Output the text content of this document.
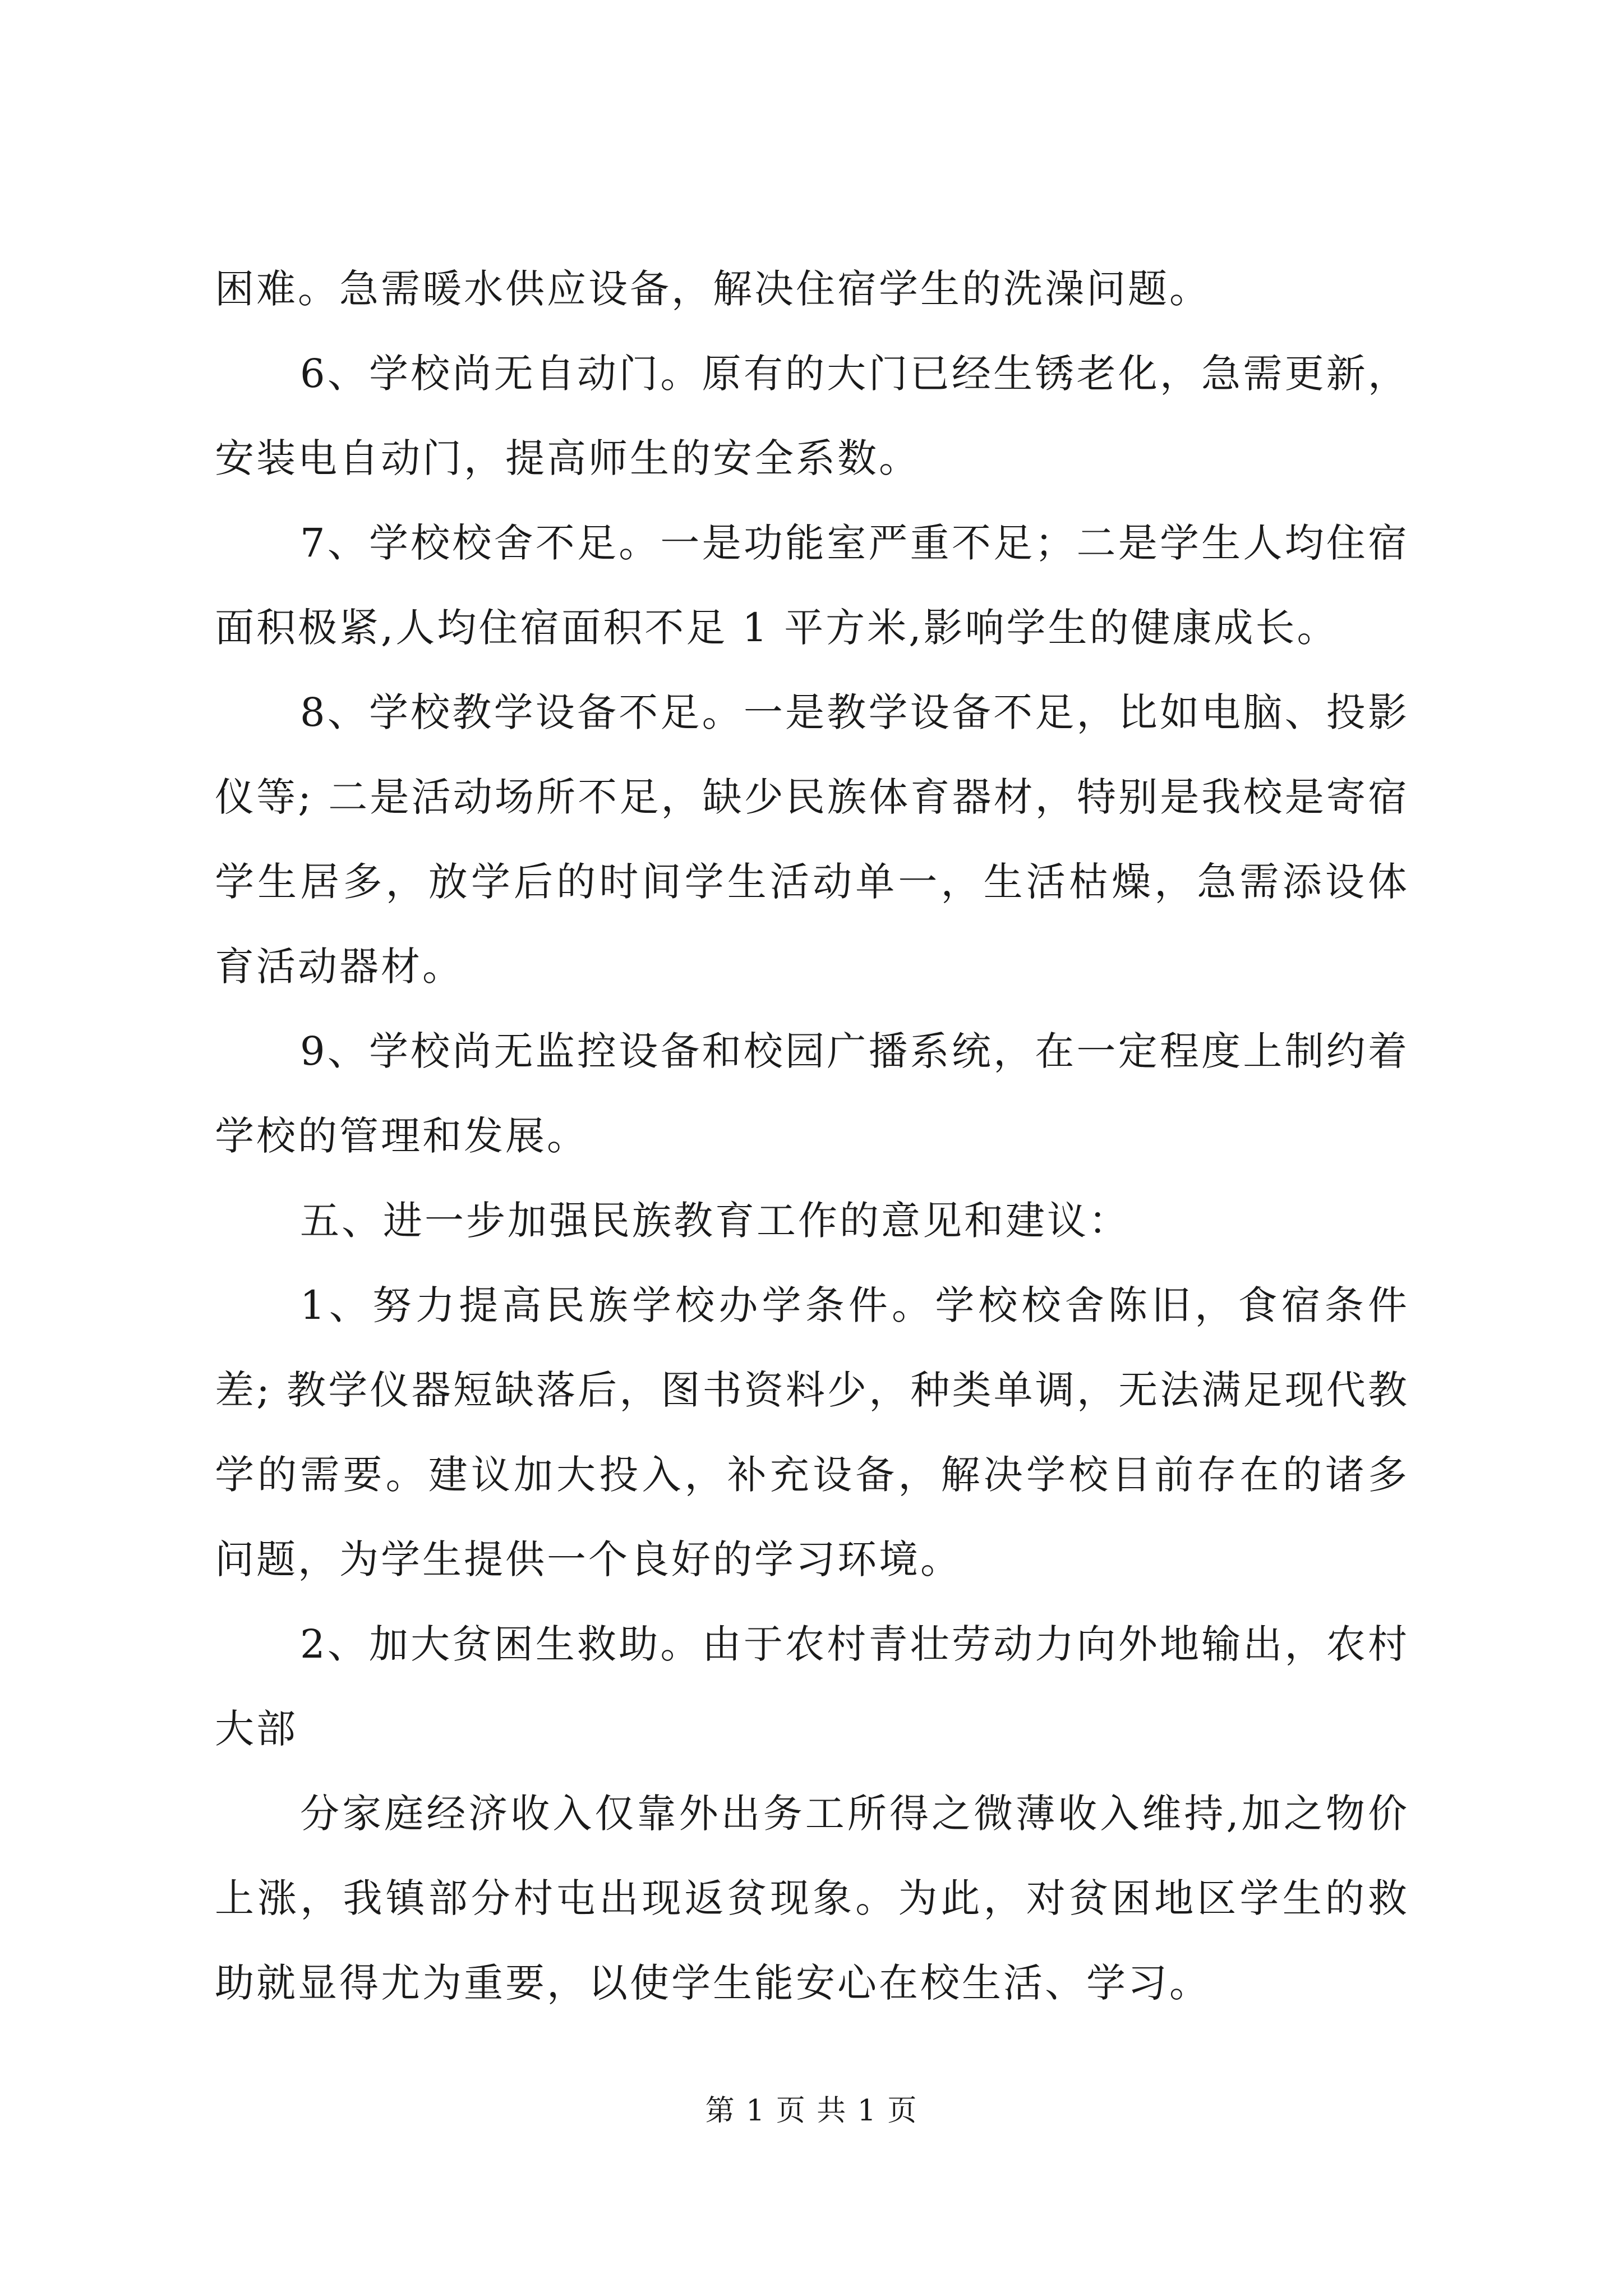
困难。急需暖水供应设备，解决住宿学生的洗澡问题。

6、学校尚无自动门。原有的大门已经生锈老化，急需更新，安装电自动门，提高师生的安全系数。

7、学校校舍不足。一是功能室严重不足；二是学生人均住宿面积极紧,人均住宿面积不足 1 平方米,影响学生的健康成长。

8、学校教学设备不足。一是教学设备不足，比如电脑、投影仪等; 二是活动场所不足，缺少民族体育器材，特别是我校是寄宿学生居多，放学后的时间学生活动单一，生活枯燥，急需添设体育活动器材。

9、学校尚无监控设备和校园广播系统，在一定程度上制约着学校的管理和发展。

五、进一步加强民族教育工作的意见和建议：

1、努力提高民族学校办学条件。学校校舍陈旧，食宿条件差; 教学仪器短缺落后，图书资料少，种类单调，无法满足现代教学的需要。建议加大投入，补充设备，解决学校目前存在的诸多问题，为学生提供一个良好的学习环境。

2、加大贫困生救助。由于农村青壮劳动力向外地输出，农村大部

分家庭经济收入仅靠外出务工所得之微薄收入维持,加之物价上涨，我镇部分村屯出现返贫现象。为此，对贫困地区学生的救助就显得尤为重要，以使学生能安心在校生活、学习。

第 1 页 共 1 页
